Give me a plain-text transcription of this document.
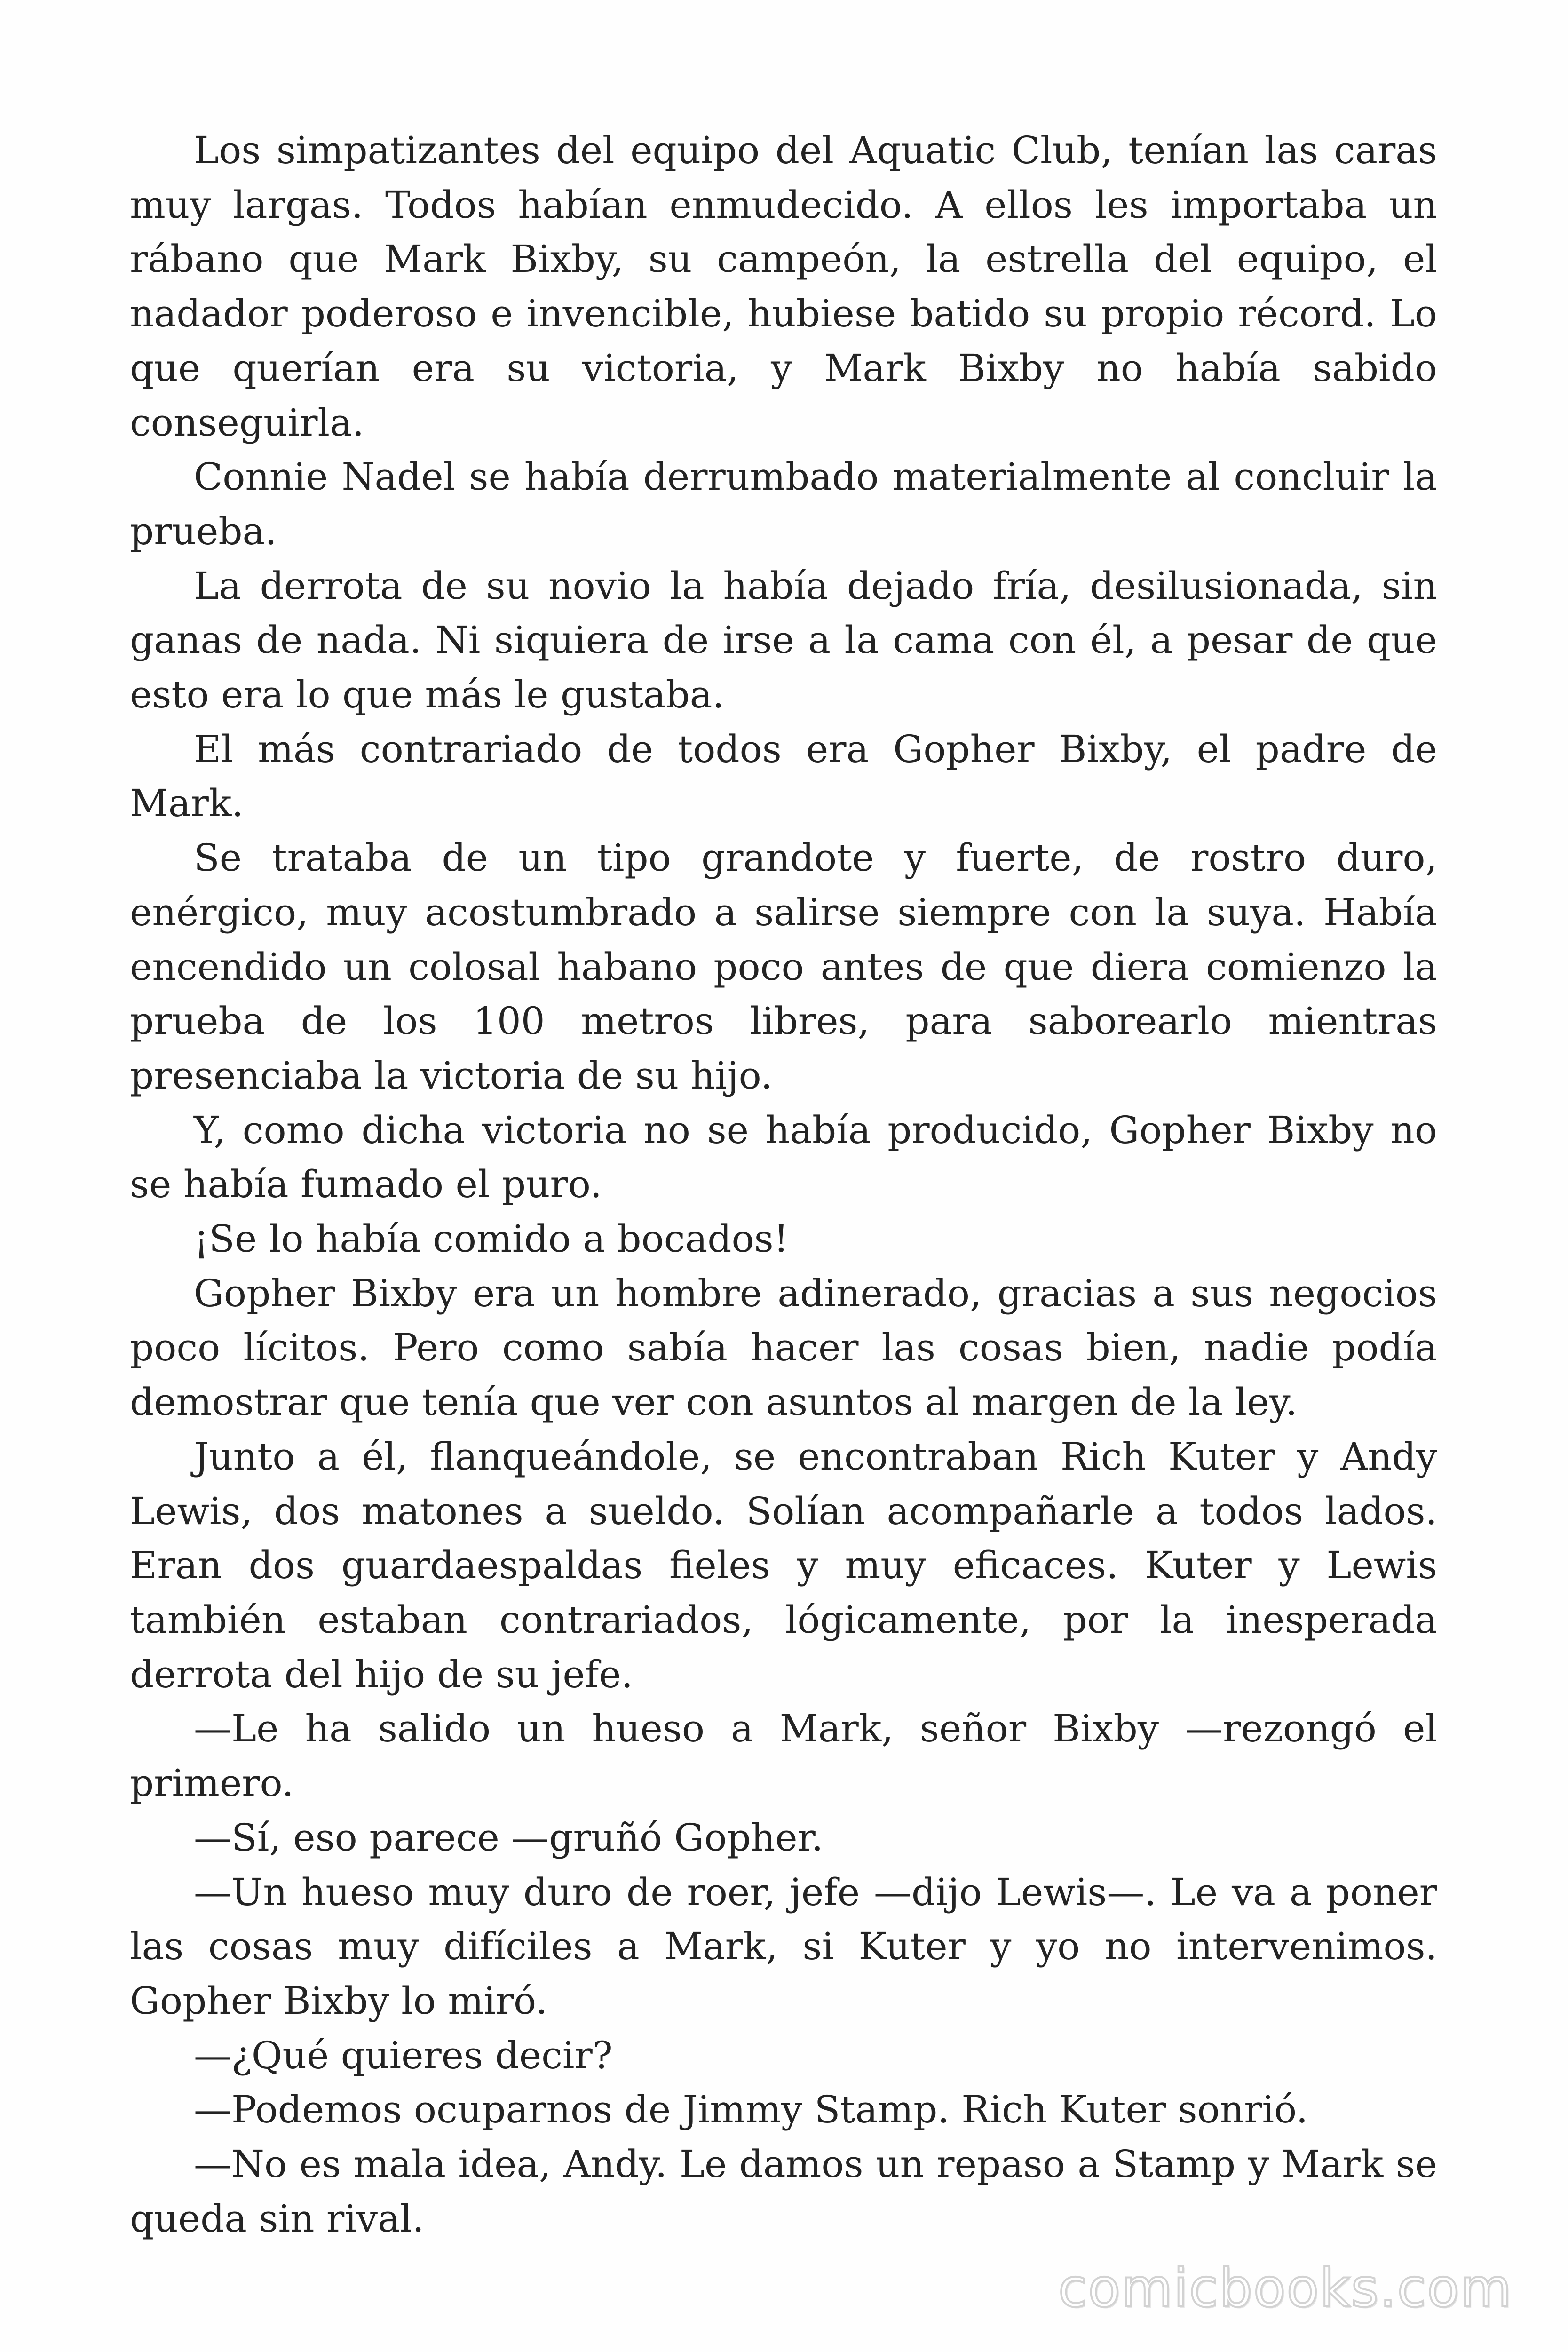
Los simpatizantes del equipo del Aquatic Club, tenían las caras muy largas. Todos habían enmudecido. A ellos les importaba un rábano que Mark Bixby, su campeón, la estrella del equipo, el nadador poderoso e invencible, hubiese batido su propio récord. Lo que querían era su victoria, y Mark Bixby no había sabido conseguirla.

Connie Nadel se había derrumbado materialmente al concluir la prueba.

La derrota de su novio la había dejado fría, desilusionada, sin ganas de nada. Ni siquiera de irse a la cama con él, a pesar de que esto era lo que más le gustaba.

El más contrariado de todos era Gopher Bixby, el padre de Mark.

Se trataba de un tipo grandote y fuerte, de rostro duro, enérgico, muy acostumbrado a salirse siempre con la suya. Había encendido un colosal habano poco antes de que diera comienzo la prueba de los 100 metros libres, para saborearlo mientras presenciaba la victoria de su hijo.

Y, como dicha victoria no se había producido, Gopher Bixby no se había fumado el puro.

¡Se lo había comido a bocados!

Gopher Bixby era un hombre adinerado, gracias a sus negocios poco lícitos. Pero como sabía hacer las cosas bien, nadie podía demostrar que tenía que ver con asuntos al margen de la ley.

Junto a él, flanqueándole, se encontraban Rich Kuter y Andy Lewis, dos matones a sueldo. Solían acompañarle a todos lados. Eran dos guardaespaldas fieles y muy eficaces. Kuter y Lewis también estaban contrariados, lógicamente, por la inesperada derrota del hijo de su jefe.

—Le ha salido un hueso a Mark, señor Bixby —rezongó el primero.

—Sí, eso parece —gruñó Gopher.

—Un hueso muy duro de roer, jefe —dijo Lewis—. Le va a poner las cosas muy difíciles a Mark, si Kuter y yo no intervenimos. Gopher Bixby lo miró.

—¿Qué quieres decir?

—Podemos ocuparnos de Jimmy Stamp. Rich Kuter sonrió.

—No es mala idea, Andy. Le damos un repaso a Stamp y Mark se queda sin rival.

comicbooks.com
